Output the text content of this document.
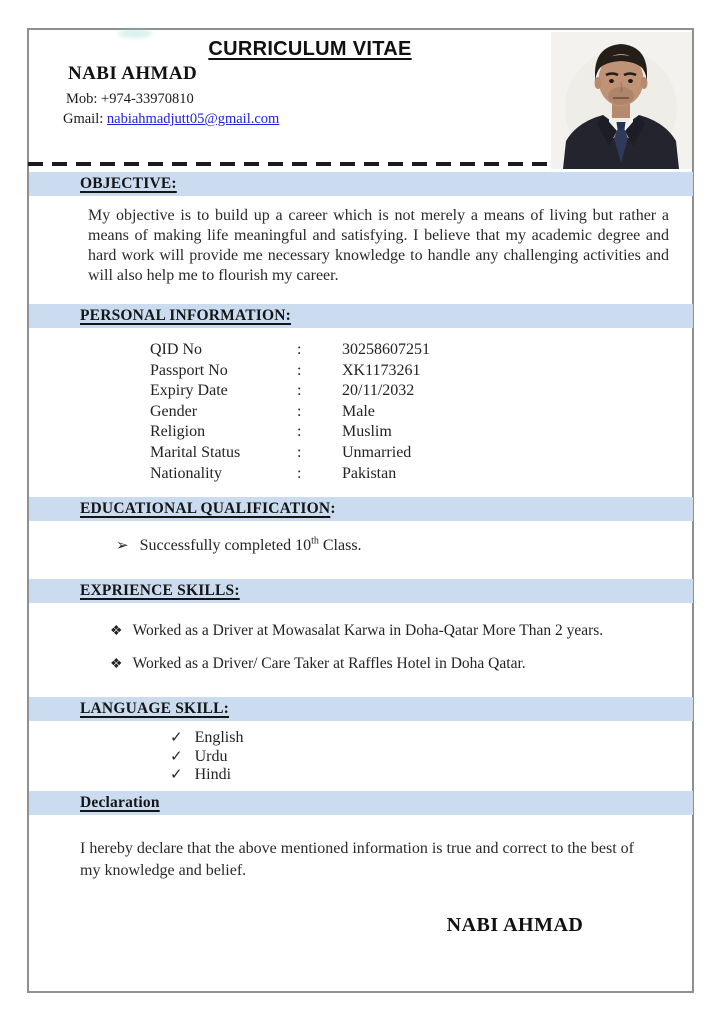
CURRICULUM VITAE
NABI AHMAD
Mob: +974-33970810
Gmail: nabiahmadjutt05@gmail.com
OBJECTIVE:
My objective is to build up a career which is not merely a means of living but rather a means of making life meaningful and satisfying. I believe that my academic degree and hard work will provide me necessary knowledge to handle any challenging activities and will also help me to flourish my career.
PERSONAL INFORMATION:
QID No	:	30258607251
Passport No	:	XK1173261
Expiry Date	:	20/11/2032
Gender	:	Male
Religion	:	Muslim
Marital Status	:	Unmarried
Nationality	:	Pakistan
EDUCATIONAL QUALIFICATION :
➢ Successfully completed 10th Class.
EXPRIENCE SKILLS:
❖ Worked as a Driver at Mowasalat Karwa in Doha-Qatar More Than 2 years.
❖ Worked as a Driver/ Care Taker at Raffles Hotel in Doha Qatar.
LANGUAGE SKILL:
✓ English
✓ Urdu
✓ Hindi
Declaration
I hereby declare that the above mentioned information is true and correct to the best of my knowledge and belief.
NABI AHMAD
